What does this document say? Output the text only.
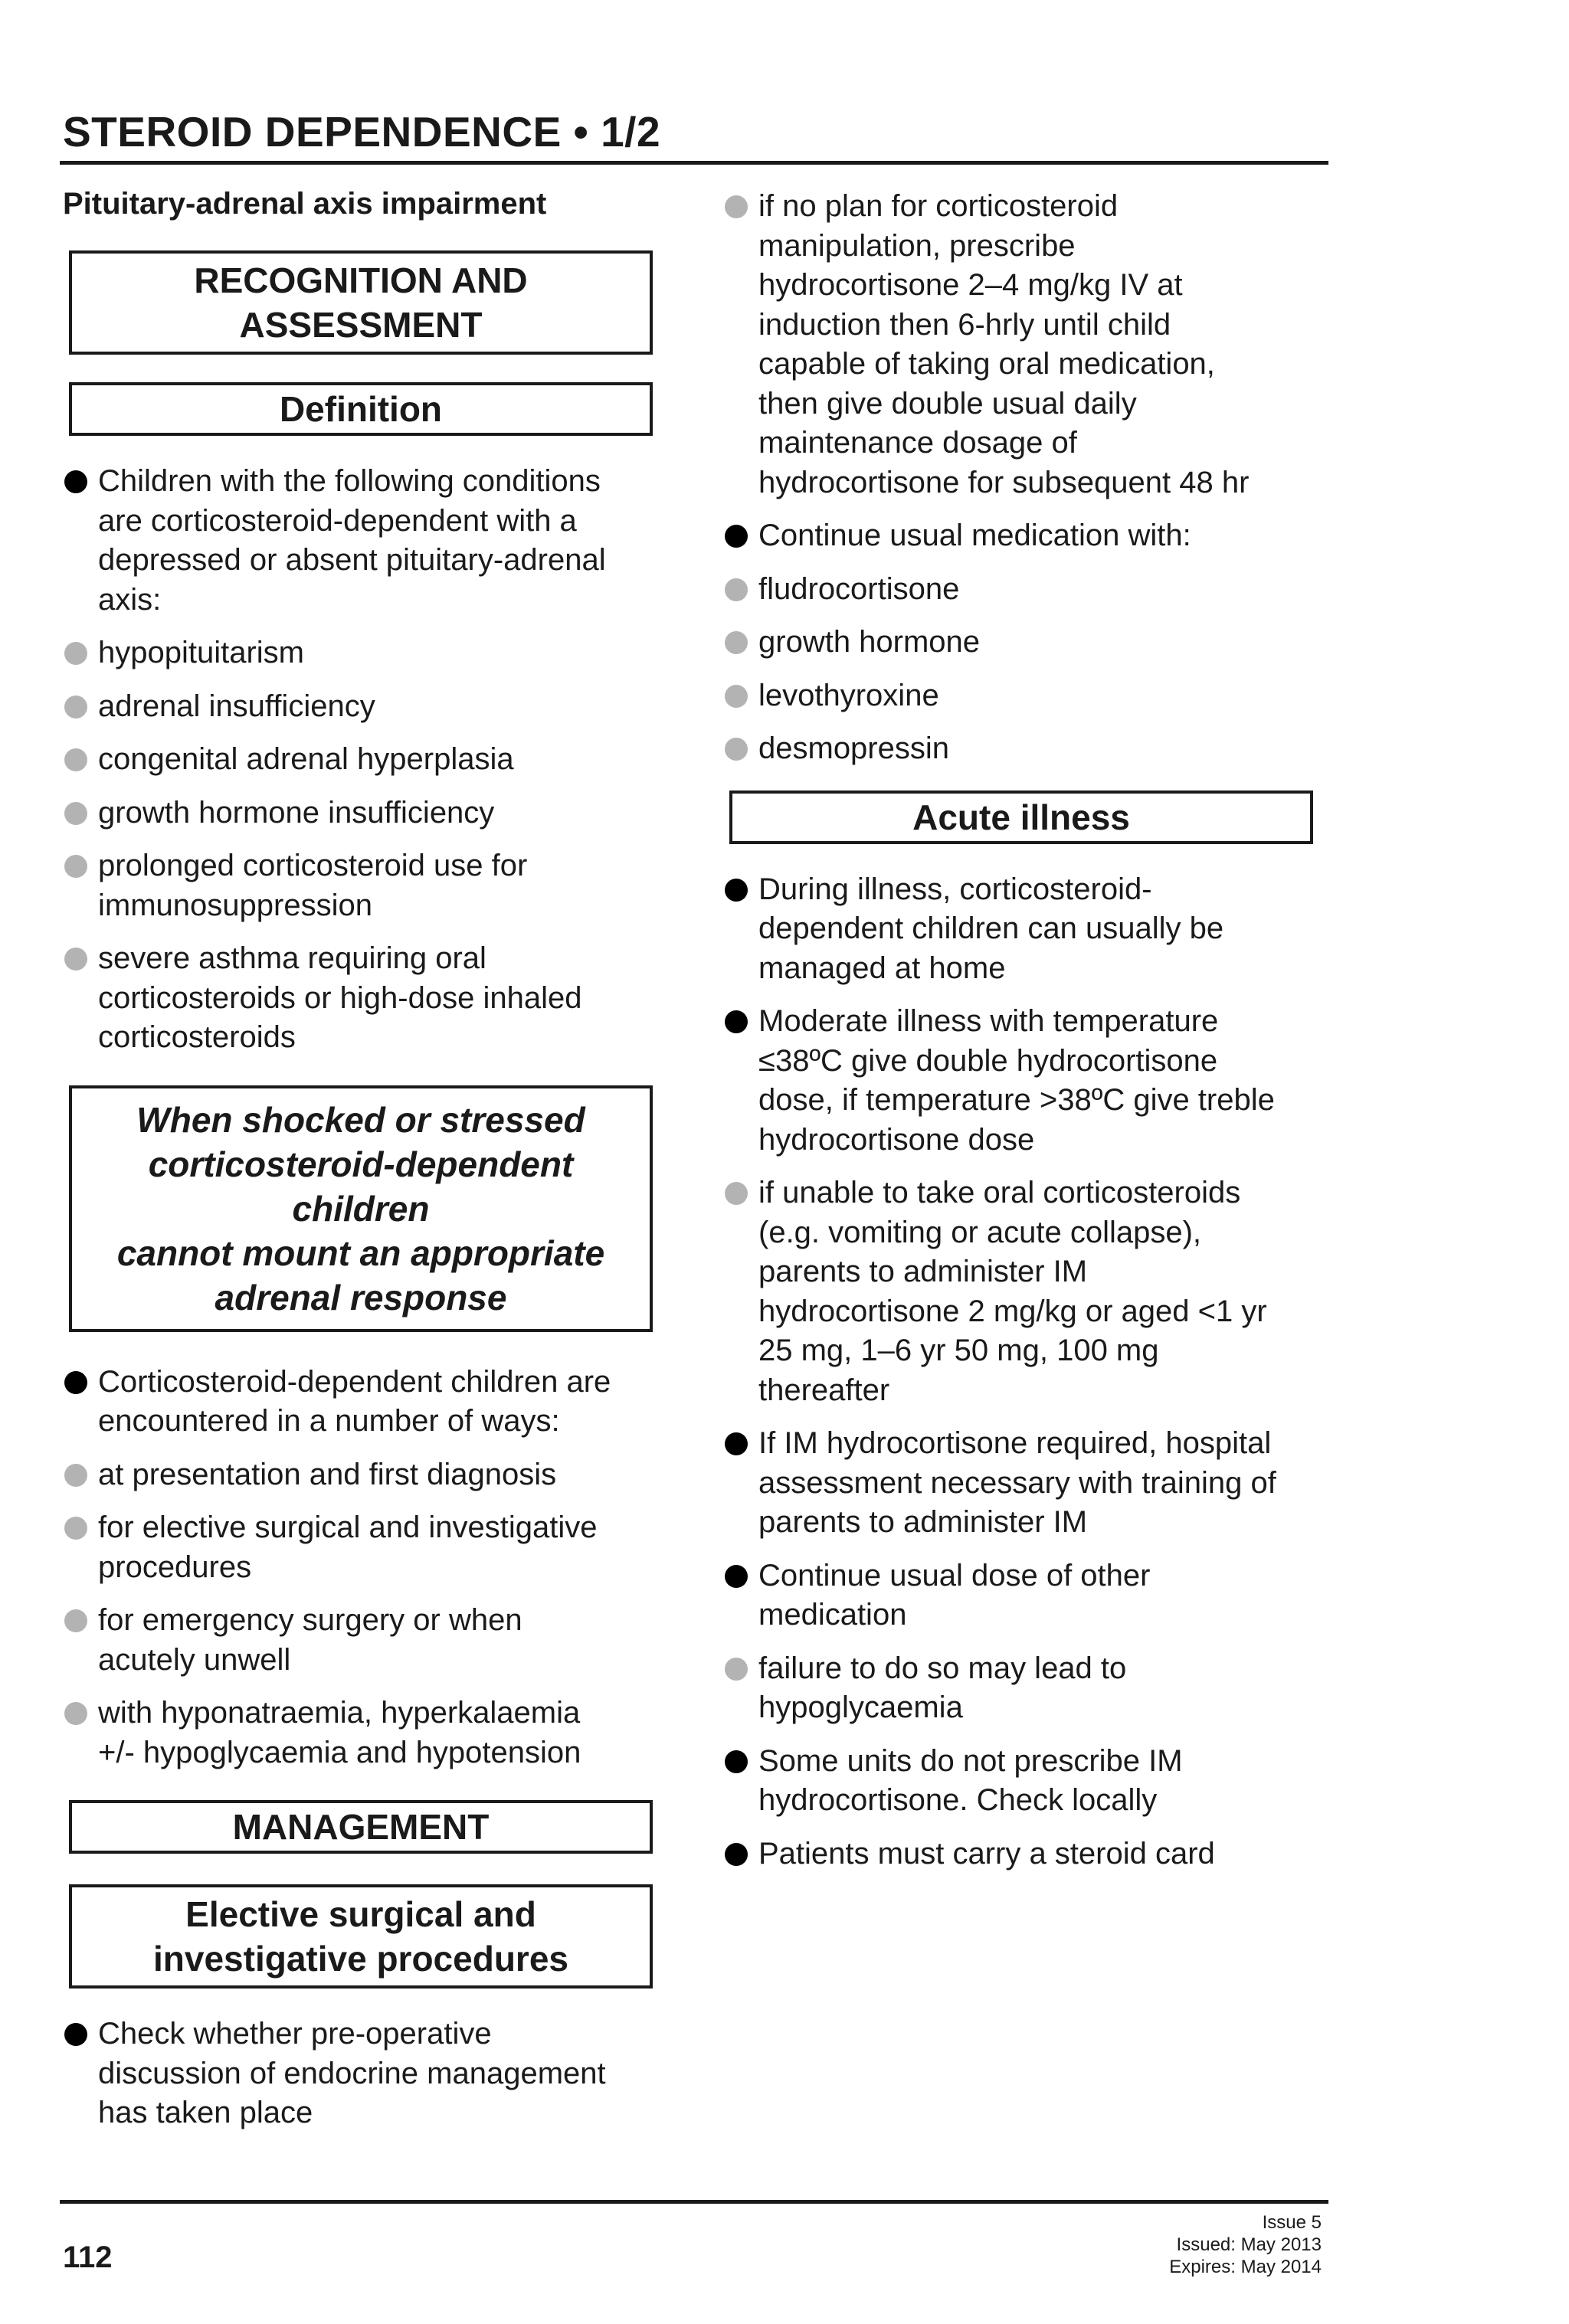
STEROID DEPENDENCE • 1/2
Pituitary-adrenal axis impairment
RECOGNITION AND
ASSESSMENT
Definition
Children with the following conditions
are corticosteroid-dependent with a
depressed or absent pituitary-adrenal
axis:
hypopituitarism
adrenal insufficiency
congenital adrenal hyperplasia
growth hormone insufficiency
prolonged corticosteroid use for
immunosuppression
severe asthma requiring oral
corticosteroids or high-dose inhaled
corticosteroids
When shocked or stressed
corticosteroid-dependent children
cannot mount an appropriate
adrenal response
Corticosteroid-dependent children are
encountered in a number of ways:
at presentation and first diagnosis
for elective surgical and investigative
procedures
for emergency surgery or when
acutely unwell
with hyponatraemia, hyperkalaemia
+/- hypoglycaemia and hypotension
MANAGEMENT
Elective surgical and
investigative procedures
Check whether pre-operative
discussion of endocrine management
has taken place
if no plan for corticosteroid
manipulation, prescribe
hydrocortisone 2–4 mg/kg IV at
induction then 6-hrly until child
capable of taking oral medication,
then give double usual daily
maintenance dosage of
hydrocortisone for subsequent 48 hr
Continue usual medication with:
fludrocortisone
growth hormone
levothyroxine
desmopressin
Acute illness
During illness, corticosteroid-
dependent children can usually be
managed at home
Moderate illness with temperature
≤38ºC give double hydrocortisone
dose, if temperature >38ºC give treble
hydrocortisone dose
if unable to take oral corticosteroids
(e.g. vomiting or acute collapse),
parents to administer IM
hydrocortisone 2 mg/kg or aged <1 yr
25 mg, 1–6 yr 50 mg, 100 mg
thereafter
If IM hydrocortisone required, hospital
assessment necessary with training of
parents to administer IM
Continue usual dose of other
medication
failure to do so may lead to
hypoglycaemia
Some units do not prescribe IM
hydrocortisone. Check locally
Patients must carry a steroid card
112
Issue 5
Issued: May 2013
Expires: May 2014
